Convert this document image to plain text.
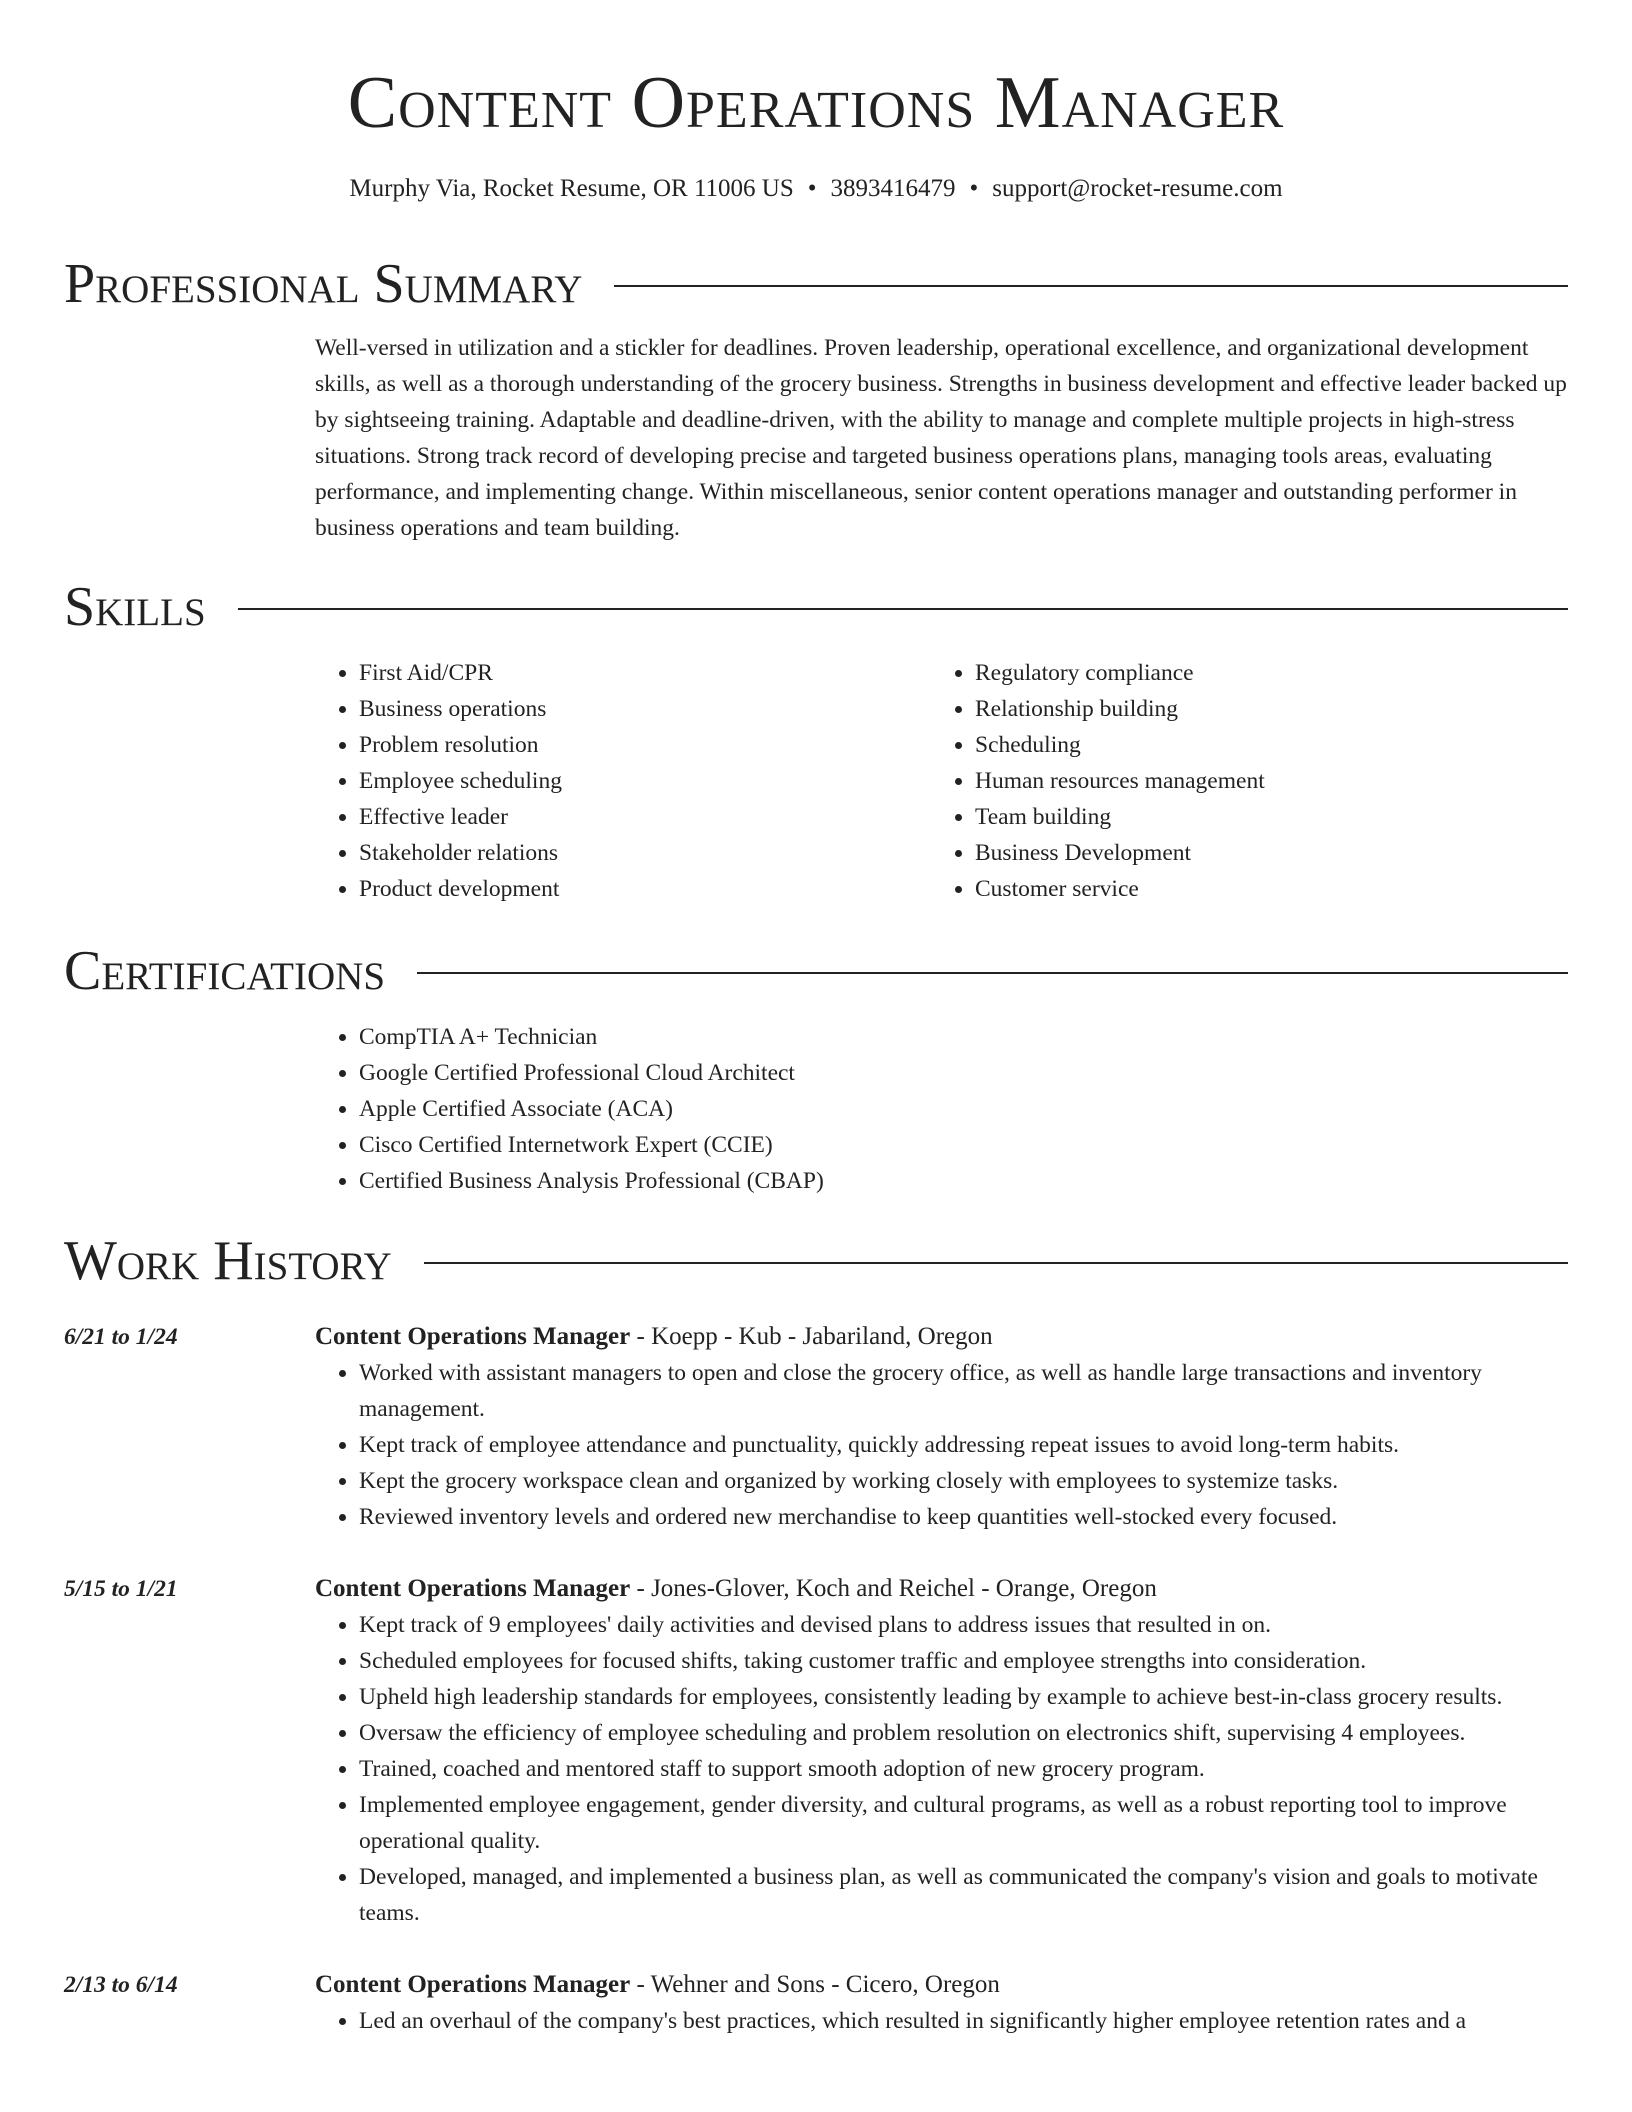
Content Operations Manager
Murphy Via, Rocket Resume, OR 11006 US • 3893416479 • support@rocket-resume.com
Professional Summary
Well-versed in utilization and a stickler for deadlines. Proven leadership, operational excellence, and organizational development skills, as well as a thorough understanding of the grocery business. Strengths in business development and effective leader backed up by sightseeing training. Adaptable and deadline-driven, with the ability to manage and complete multiple projects in high-stress situations. Strong track record of developing precise and targeted business operations plans, managing tools areas, evaluating performance, and implementing change. Within miscellaneous, senior content operations manager and outstanding performer in business operations and team building.
Skills
• First Aid/CPR
• Business operations
• Problem resolution
• Employee scheduling
• Effective leader
• Stakeholder relations
• Product development
• Regulatory compliance
• Relationship building
• Scheduling
• Human resources management
• Team building
• Business Development
• Customer service
Certifications
• CompTIA A+ Technician
• Google Certified Professional Cloud Architect
• Apple Certified Associate (ACA)
• Cisco Certified Internetwork Expert (CCIE)
• Certified Business Analysis Professional (CBAP)
Work History
6/21 to 1/24	Content Operations Manager - Koepp - Kub - Jabariland, Oregon
• Worked with assistant managers to open and close the grocery office, as well as handle large transactions and inventory management.
• Kept track of employee attendance and punctuality, quickly addressing repeat issues to avoid long-term habits.
• Kept the grocery workspace clean and organized by working closely with employees to systemize tasks.
• Reviewed inventory levels and ordered new merchandise to keep quantities well-stocked every focused.
5/15 to 1/21	Content Operations Manager - Jones-Glover, Koch and Reichel - Orange, Oregon
• Kept track of 9 employees' daily activities and devised plans to address issues that resulted in on.
• Scheduled employees for focused shifts, taking customer traffic and employee strengths into consideration.
• Upheld high leadership standards for employees, consistently leading by example to achieve best-in-class grocery results.
• Oversaw the efficiency of employee scheduling and problem resolution on electronics shift, supervising 4 employees.
• Trained, coached and mentored staff to support smooth adoption of new grocery program.
• Implemented employee engagement, gender diversity, and cultural programs, as well as a robust reporting tool to improve operational quality.
• Developed, managed, and implemented a business plan, as well as communicated the company's vision and goals to motivate teams.
2/13 to 6/14	Content Operations Manager - Wehner and Sons - Cicero, Oregon
• Led an overhaul of the company's best practices, which resulted in significantly higher employee retention rates and a
